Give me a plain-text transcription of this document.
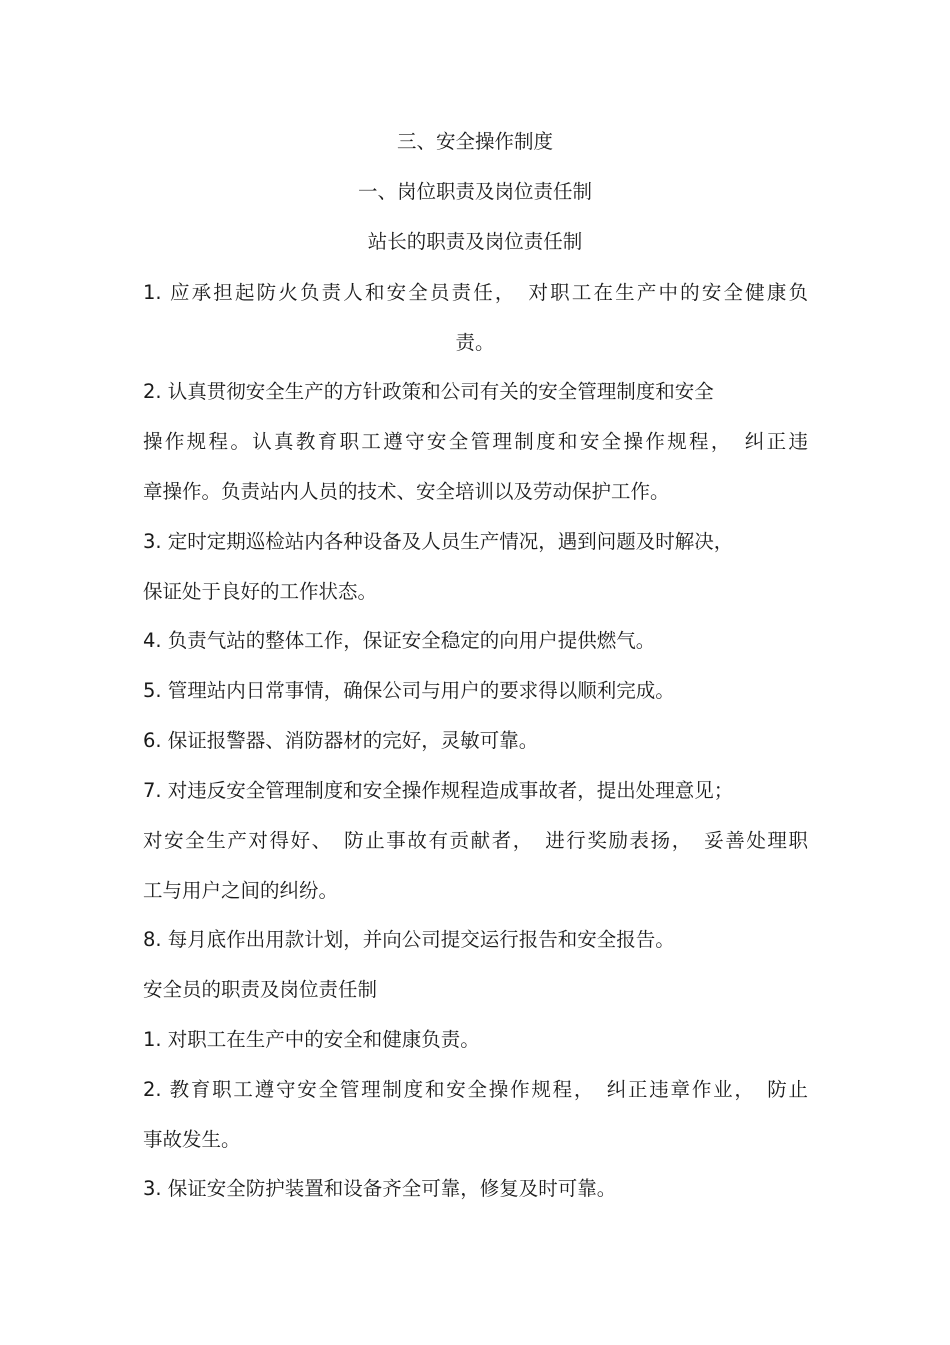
三、安全操作制度
一、岗位职责及岗位责任制
站长的职责及岗位责任制
1. 应承担起防火负责人和安全员责任，　对职工在生产中的安全健康负
责。
2. 认真贯彻安全生产的方针政策和公司有关的安全管理制度和安全
操作规程。认真教育职工遵守安全管理制度和安全操作规程，　纠正违
章操作。负责站内人员的技术、安全培训以及劳动保护工作。
3. 定时定期巡检站内各种设备及人员生产情况，遇到问题及时解决，
保证处于良好的工作状态。
4. 负责气站的整体工作，保证安全稳定的向用户提供燃气。
5. 管理站内日常事情，确保公司与用户的要求得以顺利完成。
6. 保证报警器、消防器材的完好，灵敏可靠。
7. 对违反安全管理制度和安全操作规程造成事故者，提出处理意见；
对安全生产对得好、　防止事故有贡献者，　进行奖励表扬，　妥善处理职
工与用户之间的纠纷。
8. 每月底作出用款计划，并向公司提交运行报告和安全报告。
安全员的职责及岗位责任制
1. 对职工在生产中的安全和健康负责。
2. 教育职工遵守安全管理制度和安全操作规程，　纠正违章作业，　防止
事故发生。
3. 保证安全防护装置和设备齐全可靠，修复及时可靠。
